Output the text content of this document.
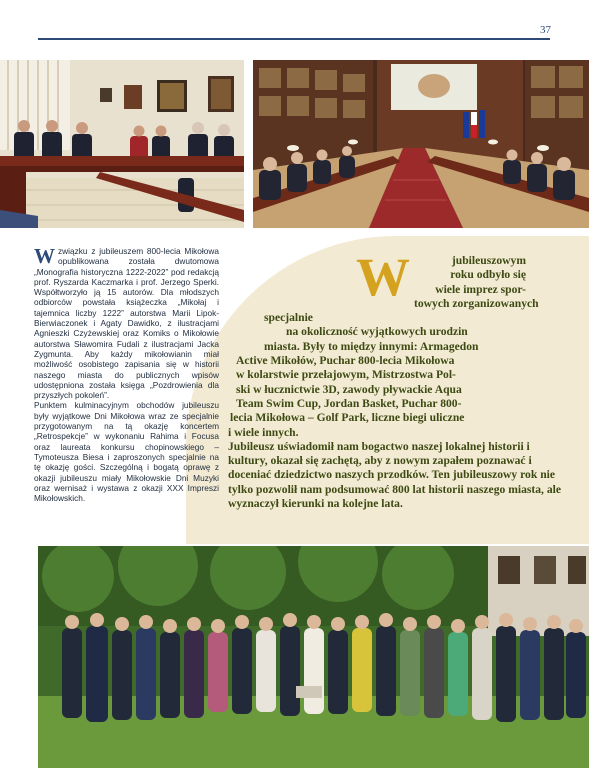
37

Wzwiązku z jubileuszem 800-lecia Mikołowa opublikowana została dwutomowa „Monografia historyczna 1222-2022” pod redakcją prof. Ryszarda Kaczmarka i prof. Jerzego Sperki. Współtworzyło ją 15 autorów. Dla młodszych odbiorców powstała książeczka „Mikołaj i tajemnica liczby 1222” autorstwa Marii Lipok-Bierwiaczonek i Agaty Dawidko, z ilustracjami Agnieszki Czyżewskiej oraz Komiks o Mikołowie autorstwa Sławomira Fudali z ilustracjami Jacka Zygmunta. Aby każdy mikołowianin miał możliwość osobistego zapisania się w historii naszego miasta do publicznych wpisów udostępniona została księga „Pozdrowienia dla przyszłych pokoleń”.

Punktem kulminacyjnym obchodów jubileuszu były wyjątkowe Dni Mikołowa wraz ze specjalnie przygotowanym na tą okazję koncertem „Retrospekcje” w wykonaniu Rahima i Focusa oraz laureata konkursu chopinowskiego – Tymoteusza Biesa i zaproszonych specjalnie na tę okazję gości. Szczególną i bogatą oprawę z okazji jubileuszu miały Mikołowskie Dni Muzyki oraz wernisaż i wystawa z okazji XXX Impreszi Mikołowskich.

W	jubileuszowym
roku odbyło się
wiele imprez spor-
towych zorganizowanych specjalnie
na okoliczność wyjątkowych urodzin
miasta. Były to między innymi: Armagedon
Active Mikołów, Puchar 800-lecia Mikołowa
w kolarstwie przełajowym, Mistrzostwa Pol-
ski w łucznictwie 3D, zawody pływackie Aqua
Team Swim Cup, Jordan Basket, Puchar 800-
lecia Mikołowa – Golf Park, liczne biegi uliczne
i wiele innych.

Jubileusz uświadomił nam bogactwo naszej lokalnej historii i kultury, okazał się zachętą, aby z nowym zapałem poznawać i doceniać dziedzictwo naszych przodków. Ten jubileuszowy rok nie tylko pozwolił nam podsumować 800 lat historii naszego miasta, ale wyznaczył kierunki na kolejne lata.
